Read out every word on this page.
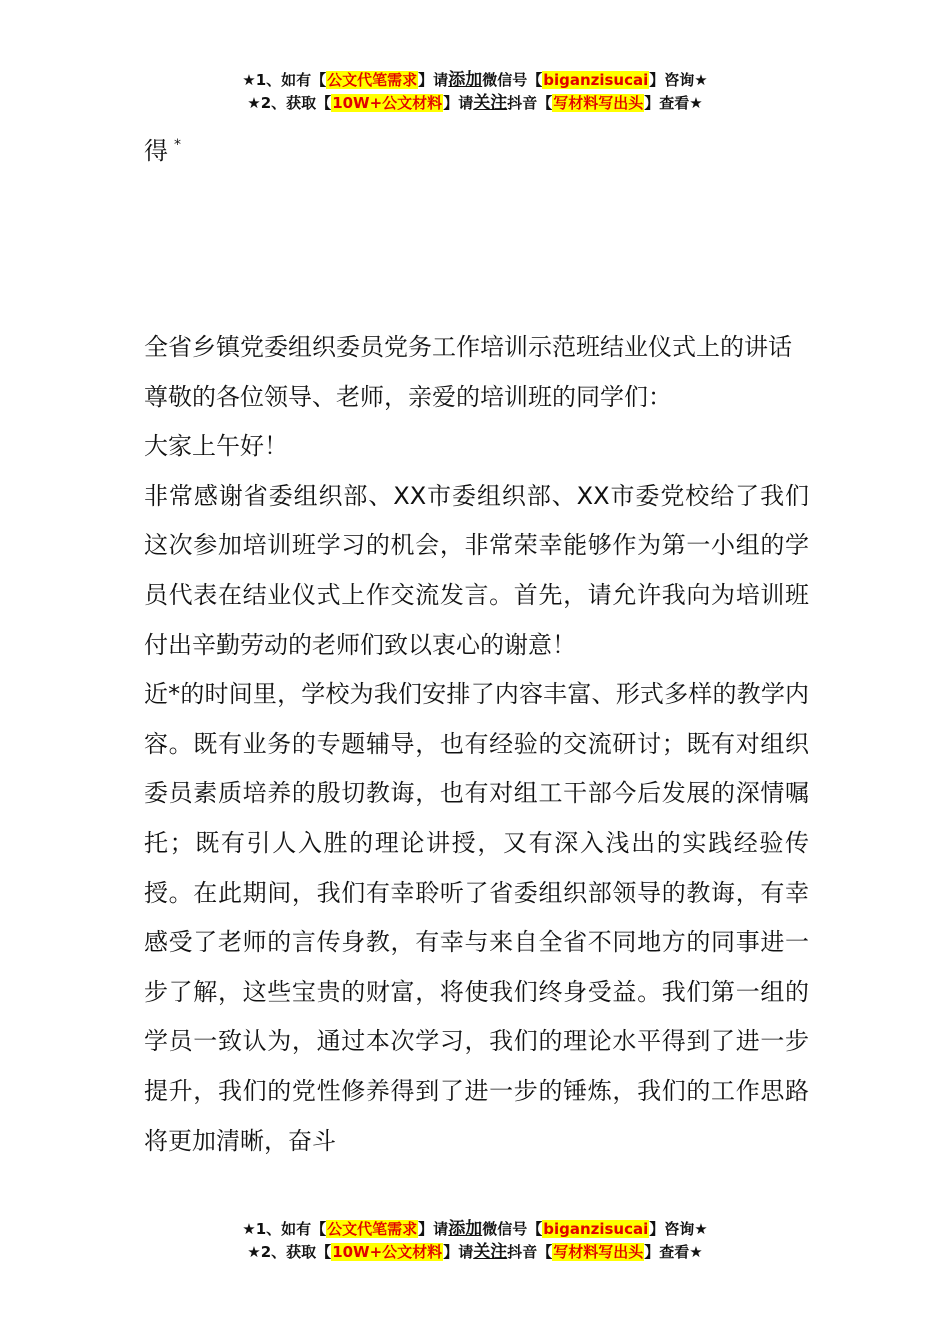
★1、如有【公文代笔需求】请添加微信号【biganzisucai】咨询★
★2、获取【10W+公文材料】请关注抖音【写材料写出头】查看★
得 *

全省乡镇党委组织委员党务工作培训示范班结业仪式上的讲话

尊敬的各位领导、老师，亲爱的培训班的同学们：

大家上午好！

非常感谢省委组织部、XX市委组织部、XX市委党校给了我们这次参加培训班学习的机会，非常荣幸能够作为第一小组的学员代表在结业仪式上作交流发言。首先，请允许我向为培训班付出辛勤劳动的老师们致以衷心的谢意！

近*的时间里，学校为我们安排了内容丰富、形式多样的教学内容。既有业务的专题辅导，也有经验的交流研讨；既有对组织委员素质培养的殷切教诲，也有对组工干部今后发展的深情嘱托；既有引人入胜的理论讲授，又有深入浅出的实践经验传授。在此期间，我们有幸聆听了省委组织部领导的教诲，有幸感受了老师的言传身教，有幸与来自全省不同地方的同事进一步了解，这些宝贵的财富，将使我们终身受益。我们第一组的学员一致认为，通过本次学习，我们的理论水平得到了进一步提升，我们的党性修养得到了进一步的锤炼，我们的工作思路将更加清晰，奋斗

★1、如有【公文代笔需求】请添加微信号【biganzisucai】咨询★
★2、获取【10W+公文材料】请关注抖音【写材料写出头】查看★
